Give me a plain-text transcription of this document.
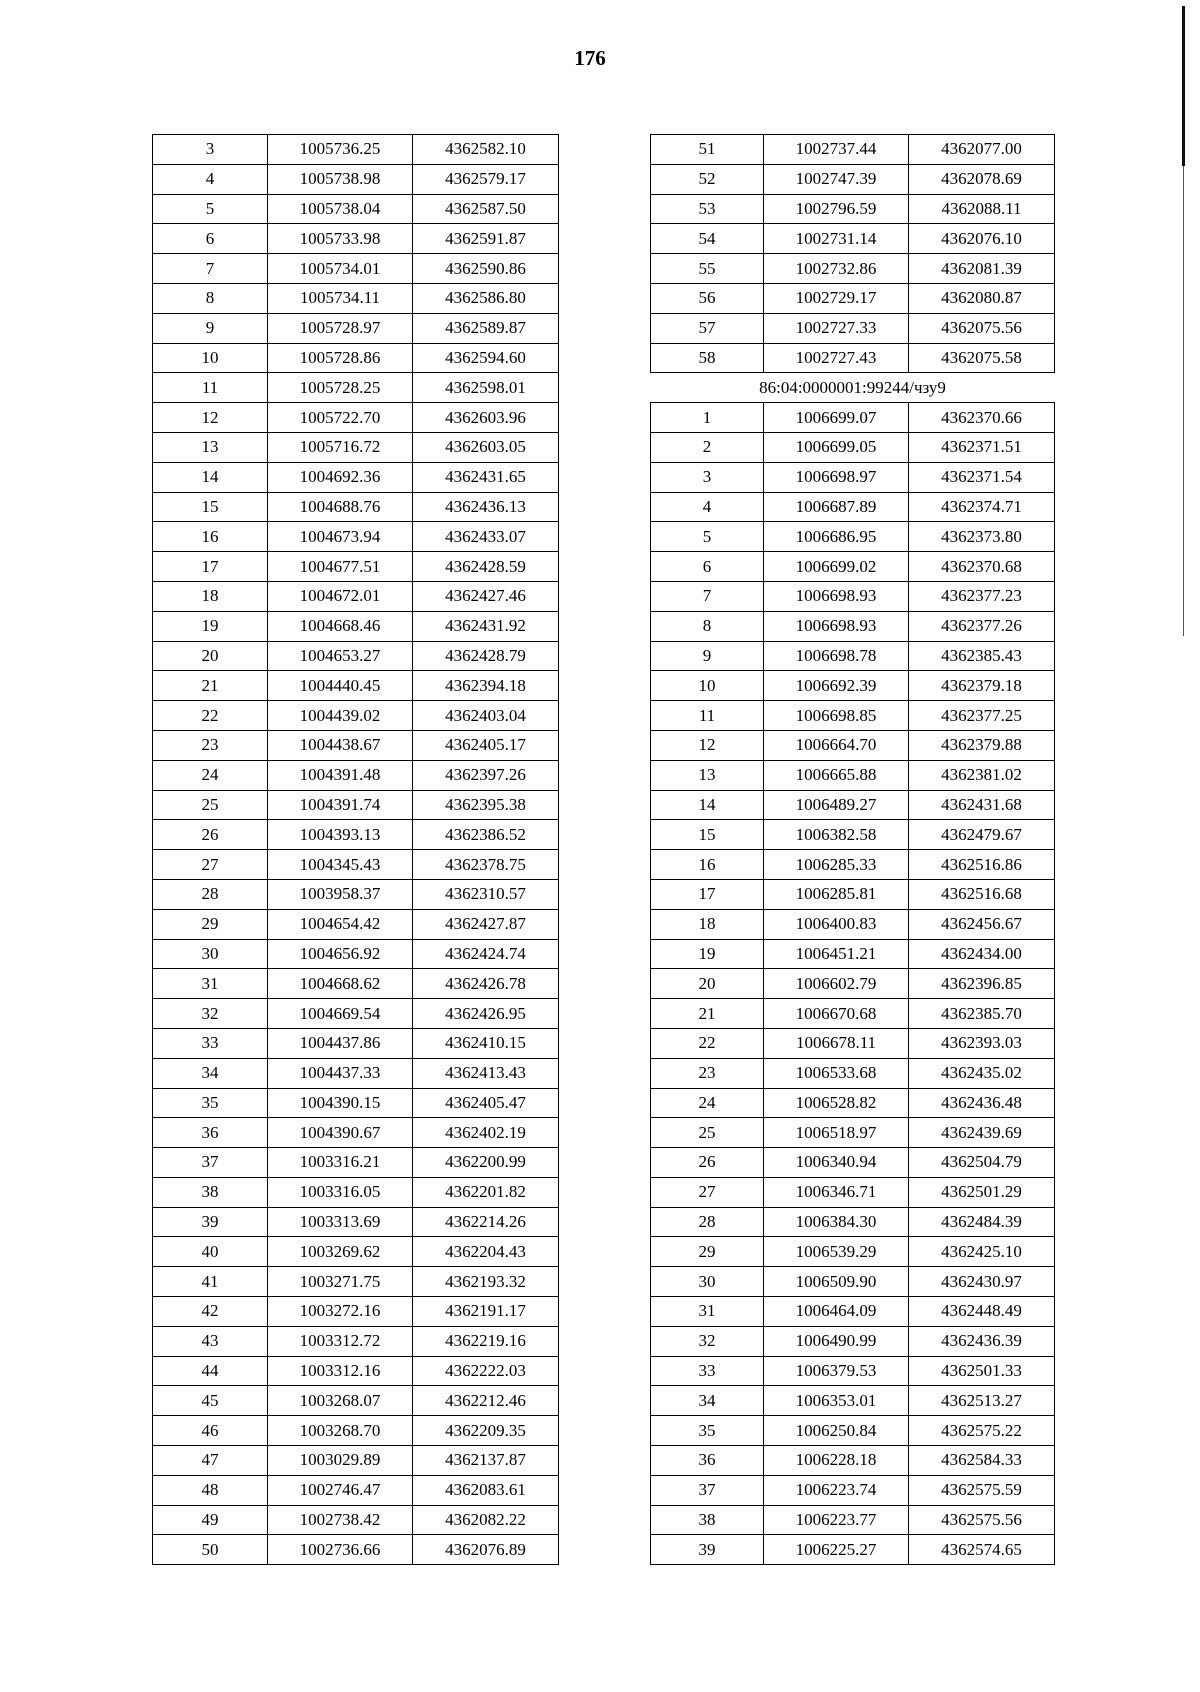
176
3	1005736.25	4362582.10
4	1005738.98	4362579.17
5	1005738.04	4362587.50
6	1005733.98	4362591.87
7	1005734.01	4362590.86
8	1005734.11	4362586.80
9	1005728.97	4362589.87
10	1005728.86	4362594.60
11	1005728.25	4362598.01
12	1005722.70	4362603.96
13	1005716.72	4362603.05
14	1004692.36	4362431.65
15	1004688.76	4362436.13
16	1004673.94	4362433.07
17	1004677.51	4362428.59
18	1004672.01	4362427.46
19	1004668.46	4362431.92
20	1004653.27	4362428.79
21	1004440.45	4362394.18
22	1004439.02	4362403.04
23	1004438.67	4362405.17
24	1004391.48	4362397.26
25	1004391.74	4362395.38
26	1004393.13	4362386.52
27	1004345.43	4362378.75
28	1003958.37	4362310.57
29	1004654.42	4362427.87
30	1004656.92	4362424.74
31	1004668.62	4362426.78
32	1004669.54	4362426.95
33	1004437.86	4362410.15
34	1004437.33	4362413.43
35	1004390.15	4362405.47
36	1004390.67	4362402.19
37	1003316.21	4362200.99
38	1003316.05	4362201.82
39	1003313.69	4362214.26
40	1003269.62	4362204.43
41	1003271.75	4362193.32
42	1003272.16	4362191.17
43	1003312.72	4362219.16
44	1003312.16	4362222.03
45	1003268.07	4362212.46
46	1003268.70	4362209.35
47	1003029.89	4362137.87
48	1002746.47	4362083.61
49	1002738.42	4362082.22
50	1002736.66	4362076.89
51	1002737.44	4362077.00
52	1002747.39	4362078.69
53	1002796.59	4362088.11
54	1002731.14	4362076.10
55	1002732.86	4362081.39
56	1002729.17	4362080.87
57	1002727.33	4362075.56
58	1002727.43	4362075.58
86:04:0000001:99244/чзу9		
1	1006699.07	4362370.66
2	1006699.05	4362371.51
3	1006698.97	4362371.54
4	1006687.89	4362374.71
5	1006686.95	4362373.80
6	1006699.02	4362370.68
7	1006698.93	4362377.23
8	1006698.93	4362377.26
9	1006698.78	4362385.43
10	1006692.39	4362379.18
11	1006698.85	4362377.25
12	1006664.70	4362379.88
13	1006665.88	4362381.02
14	1006489.27	4362431.68
15	1006382.58	4362479.67
16	1006285.33	4362516.86
17	1006285.81	4362516.68
18	1006400.83	4362456.67
19	1006451.21	4362434.00
20	1006602.79	4362396.85
21	1006670.68	4362385.70
22	1006678.11	4362393.03
23	1006533.68	4362435.02
24	1006528.82	4362436.48
25	1006518.97	4362439.69
26	1006340.94	4362504.79
27	1006346.71	4362501.29
28	1006384.30	4362484.39
29	1006539.29	4362425.10
30	1006509.90	4362430.97
31	1006464.09	4362448.49
32	1006490.99	4362436.39
33	1006379.53	4362501.33
34	1006353.01	4362513.27
35	1006250.84	4362575.22
36	1006228.18	4362584.33
37	1006223.74	4362575.59
38	1006223.77	4362575.56
39	1006225.27	4362574.65
